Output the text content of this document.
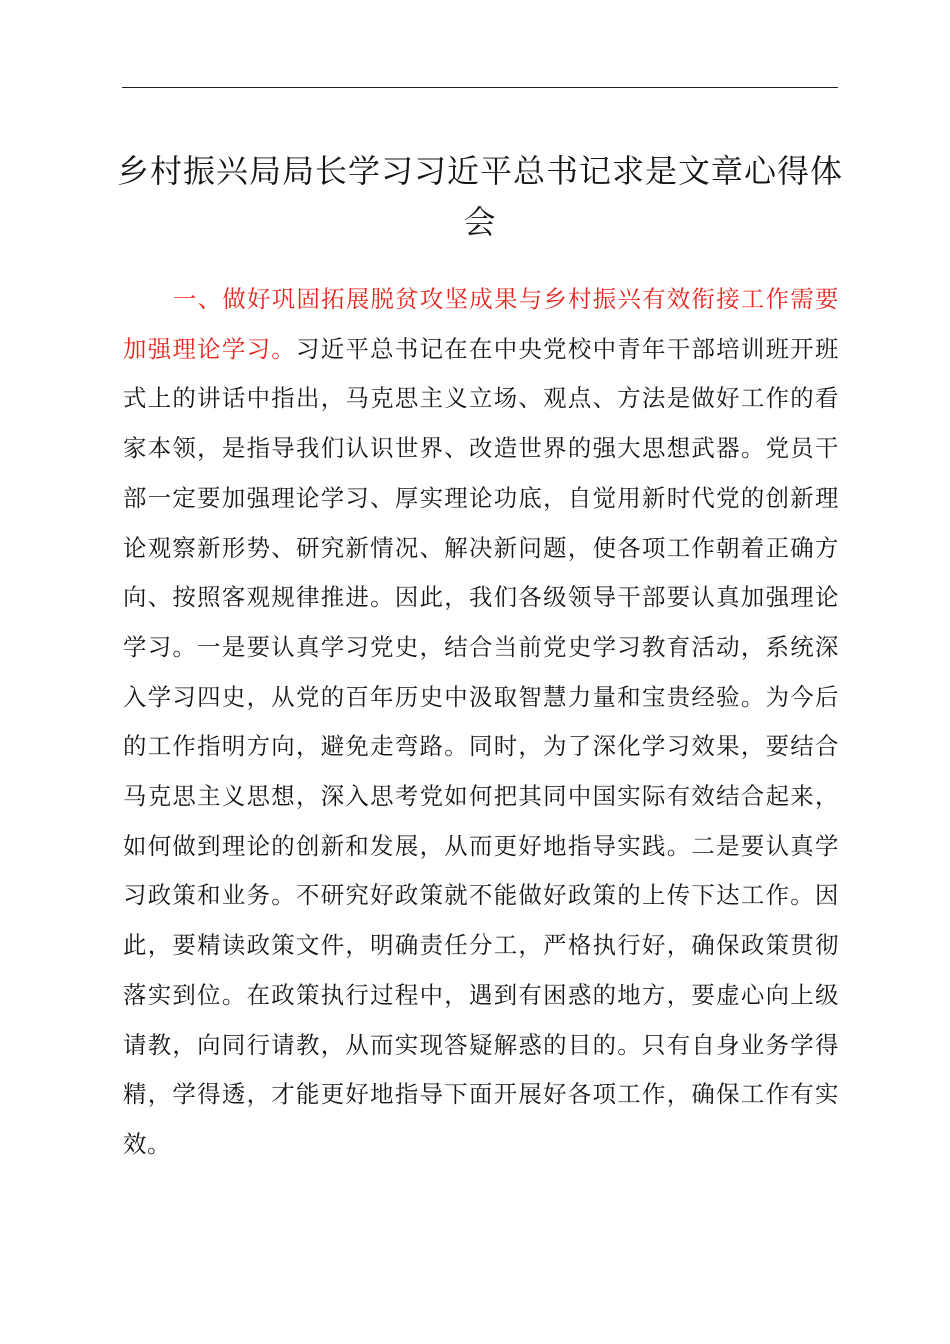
乡村振兴局局长学习习近平总书记求是文章心得体会

一、做好巩固拓展脱贫攻坚成果与乡村振兴有效衔接工作需要加强理论学习。习近平总书记在在中央党校中青年干部培训班开班式上的讲话中指出，马克思主义立场、观点、方法是做好工作的看家本领，是指导我们认识世界、改造世界的强大思想武器。党员干部一定要加强理论学习、厚实理论功底，自觉用新时代党的创新理论观察新形势、研究新情况、解决新问题，使各项工作朝着正确方向、按照客观规律推进。因此，我们各级领导干部要认真加强理论学习。一是要认真学习党史，结合当前党史学习教育活动，系统深入学习四史，从党的百年历史中汲取智慧力量和宝贵经验。为今后的工作指明方向，避免走弯路。同时，为了深化学习效果，要结合马克思主义思想，深入思考党如何把其同中国实际有效结合起来，如何做到理论的创新和发展，从而更好地指导实践。二是要认真学习政策和业务。不研究好政策就不能做好政策的上传下达工作。因此，要精读政策文件，明确责任分工，严格执行好，确保政策贯彻落实到位。在政策执行过程中，遇到有困惑的地方，要虚心向上级请教，向同行请教，从而实现答疑解惑的目的。只有自身业务学得精，学得透，才能更好地指导下面开展好各项工作，确保工作有实效。
